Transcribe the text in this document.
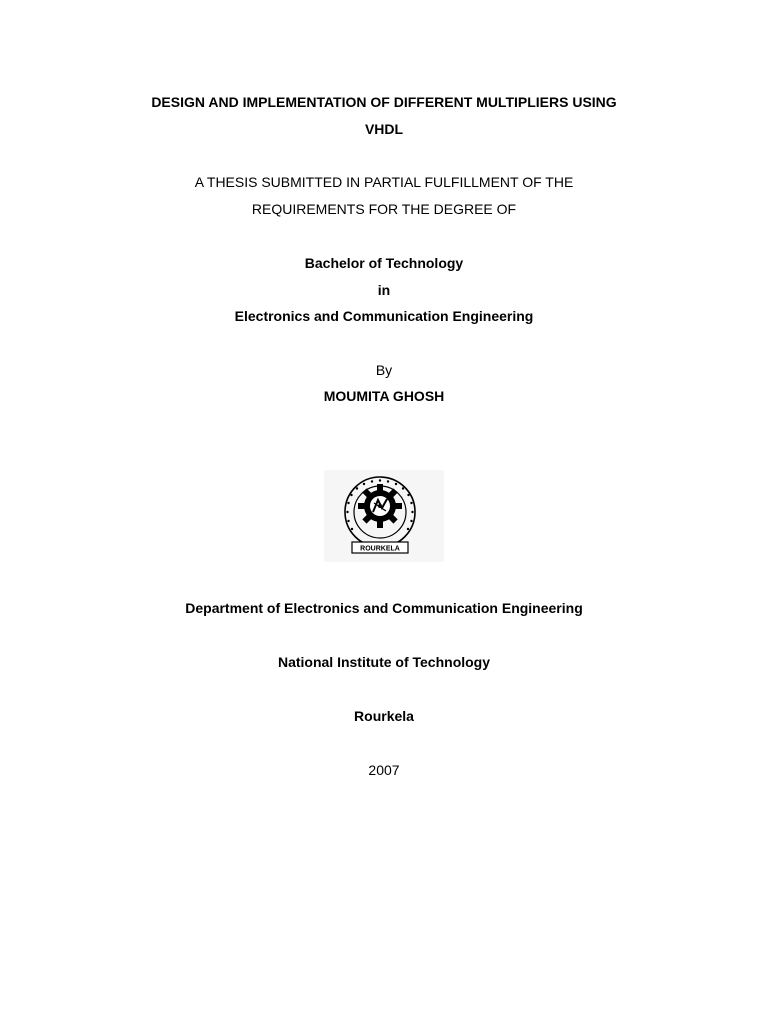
DESIGN AND IMPLEMENTATION OF DIFFERENT MULTIPLIERS USING
VHDL
A THESIS SUBMITTED IN PARTIAL FULFILLMENT OF THE
REQUIREMENTS FOR THE DEGREE OF
Bachelor of Technology
in
Electronics and Communication Engineering
By
MOUMITA GHOSH
ROURKELA
Department of Electronics and Communication Engineering
National Institute of Technology
Rourkela
2007
